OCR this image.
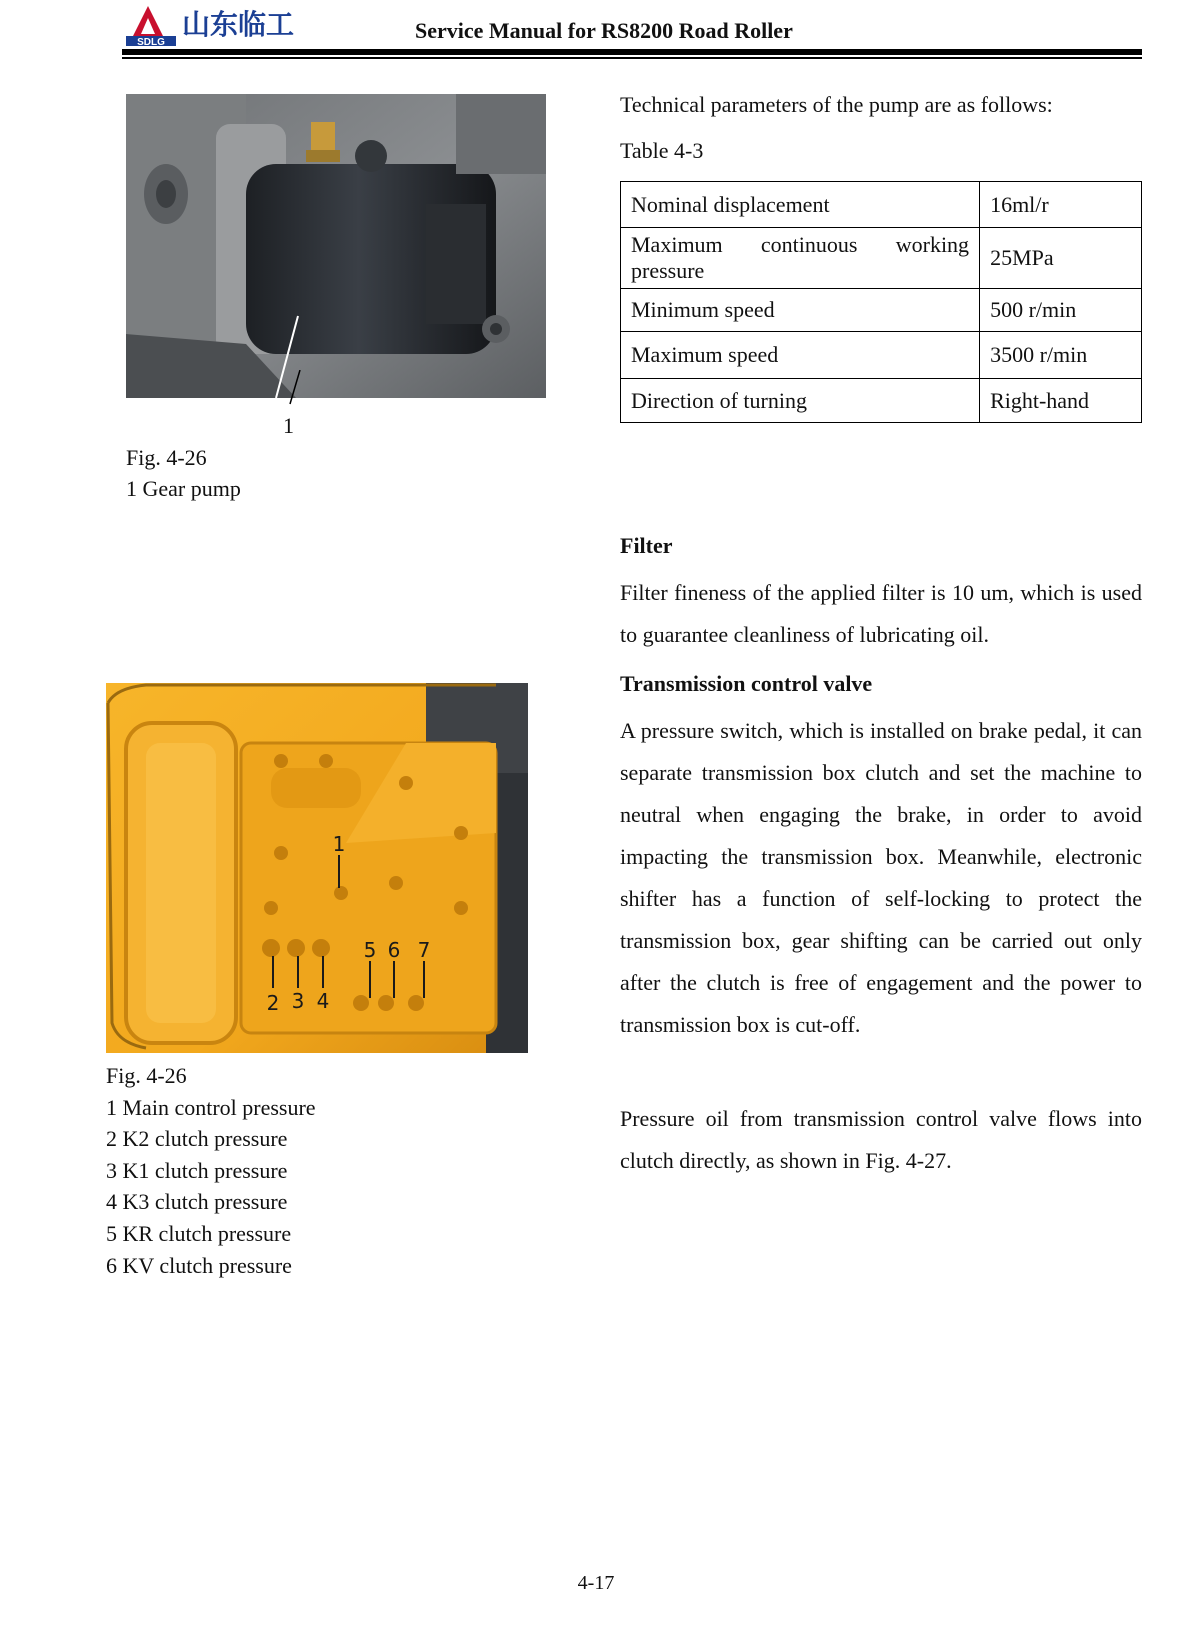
SDLG
山东临工	Service Manual for RS8200 Road Roller
1
Fig. 4-26
1 Gear pump
Technical parameters of the pump are as follows:
Table 4-3
Nominal displacement	16ml/r
Maximum continuous working pressure	25MPa
Minimum speed	500 r/min
Maximum speed	3500 r/min
Direction of turning	Right-hand
Filter
Filter fineness of the applied filter is 10 um, which is used to guarantee cleanliness of lubricating oil.
Transmission control valve
A pressure switch, which is installed on brake pedal, it can separate transmission box clutch and set the machine to neutral when engaging the brake, in order to avoid impacting the transmission box. Meanwhile, electronic shifter has a function of self-locking to protect the transmission box, gear shifting can be carried out only after the clutch is free of engagement and the power to transmission box is cut-off.
Pressure oil from transmission control valve flows into clutch directly, as shown in Fig. 4-27.
1
2 3 4
5 6 7
Fig. 4-26
1 Main control pressure
2 K2 clutch pressure
3 K1 clutch pressure
4 K3 clutch pressure
5 KR clutch pressure
6 KV clutch pressure
4-17
